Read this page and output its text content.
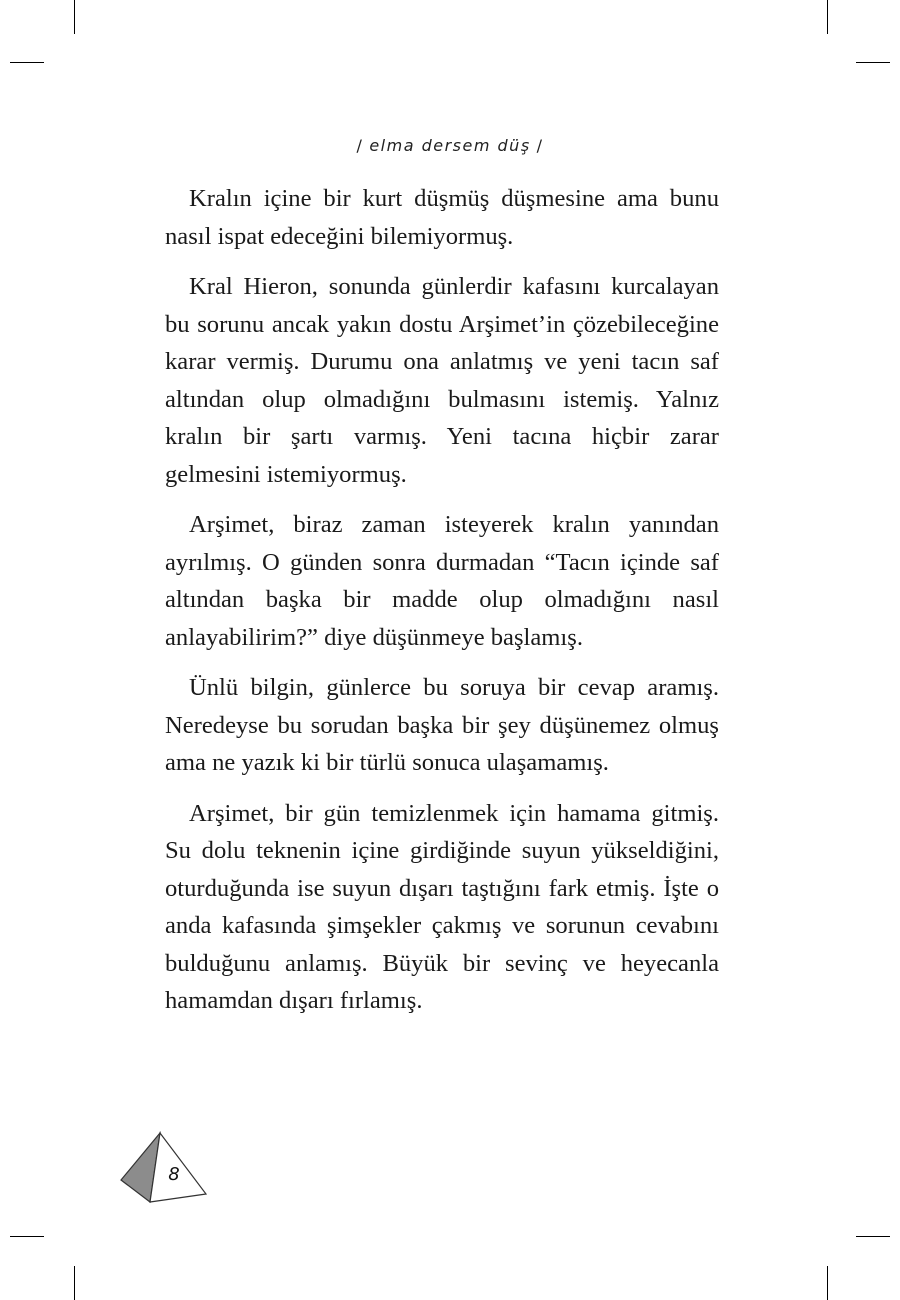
/ elma dersem düş /

Kralın içine bir kurt düşmüş düşmesine ama bunu nasıl ispat edeceğini bilemiyormuş.

Kral Hieron, sonunda günlerdir kafasını kurcalayan bu sorunu ancak yakın dostu Arşimet’in çözebileceğine karar vermiş. Durumu ona anlatmış ve yeni tacın saf altından olup olmadığını bulmasını istemiş. Yalnız kralın bir şartı varmış. Yeni tacına hiçbir zarar gelmesini istemiyormuş.

Arşimet, biraz zaman isteyerek kralın yanından ayrılmış. O günden sonra durmadan “Tacın içinde saf altından başka bir madde olup olmadığını nasıl anlayabilirim?” diye düşünmeye başlamış.

Ünlü bilgin, günlerce bu soruya bir cevap aramış. Neredeyse bu sorudan başka bir şey düşünemez olmuş ama ne yazık ki bir türlü sonuca ulaşamamış.

Arşimet, bir gün temizlenmek için hamama gitmiş. Su dolu teknenin içine girdiğinde suyun yükseldiğini, oturduğunda ise suyun dışarı taştığını fark etmiş. İşte o anda kafasında şimşekler çakmış ve sorunun cevabını bulduğunu anlamış. Büyük bir sevinç ve heyecanla hamamdan dışarı fırlamış.

8
